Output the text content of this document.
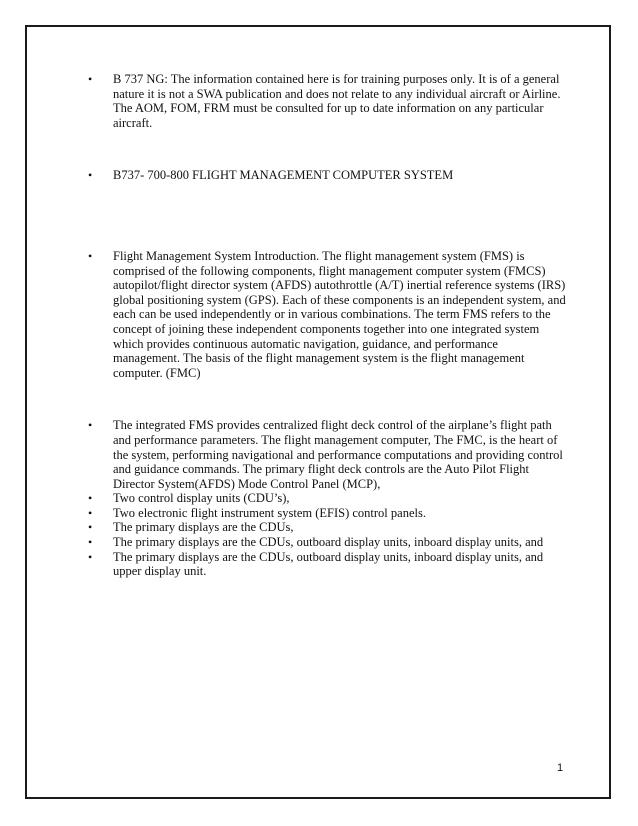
• B 737 NG: The information contained here is for training purposes only. It is of a general nature it is not a SWA publication and does not relate to any individual aircraft or Airline. The AOM, FOM, FRM must be consulted for up to date information on any particular aircraft.

• B737- 700-800 FLIGHT MANAGEMENT COMPUTER SYSTEM

• Flight Management System Introduction. The flight management system (FMS) is comprised of the following components, flight management computer system (FMCS) autopilot/flight director system (AFDS) autothrottle (A/T) inertial reference systems (IRS) global positioning system (GPS). Each of these components is an independent system, and each can be used independently or in various combinations. The term FMS refers to the concept of joining these independent components together into one integrated system which provides continuous automatic navigation, guidance, and performance management. The basis of the flight management system is the flight management computer. (FMC)

• The integrated FMS provides centralized flight deck control of the airplane’s flight path and performance parameters. The flight management computer, The FMC, is the heart of the system, performing navigational and performance computations and providing control and guidance commands. The primary flight deck controls are the Auto Pilot Flight Director System(AFDS) Mode Control Panel (MCP),

• Two control display units (CDU’s),

• Two electronic flight instrument system (EFIS) control panels.

• The primary displays are the CDUs,

• The primary displays are the CDUs, outboard display units, inboard display units, and

• The primary displays are the CDUs, outboard display units, inboard display units, and upper display unit.

1
